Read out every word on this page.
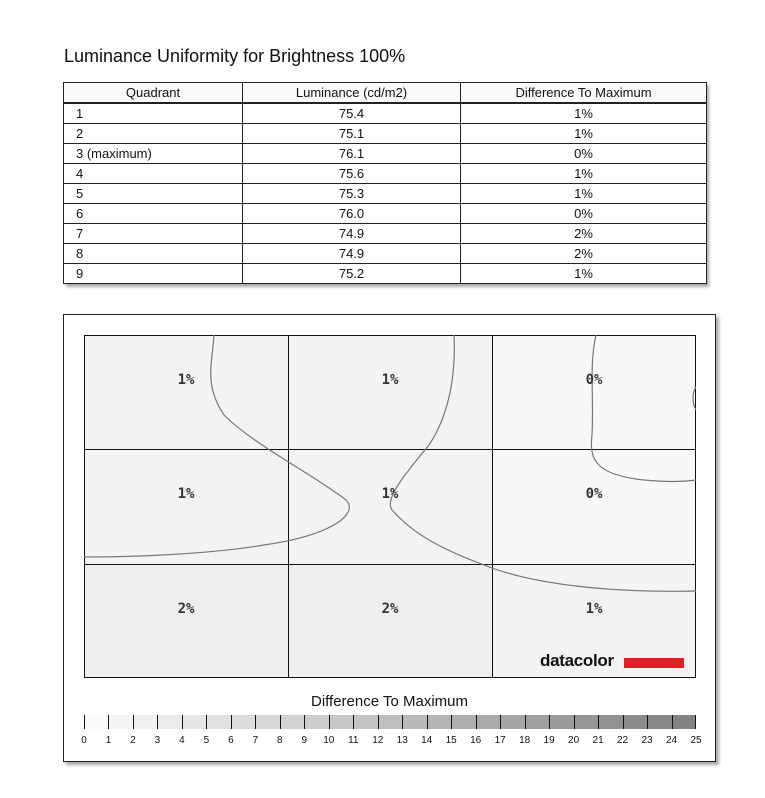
Luminance Uniformity for Brightness 100%
Quadrant	Luminance (cd/m2)	Difference To Maximum
1	75.4	1%
2	75.1	1%
3 (maximum)	76.1	0%
4	75.6	1%
5	75.3	1%
6	76.0	0%
7	74.9	2%
8	74.9	2%
9	75.2	1%
1%	1%	0%
1%	1%	0%
2%	2%	1%
datacolor
Difference To Maximum
0 1 2 3 4 5 6 7 8 9 10 11 12 13 14 15 16 17 18 19 20 21 22 23 24 25
